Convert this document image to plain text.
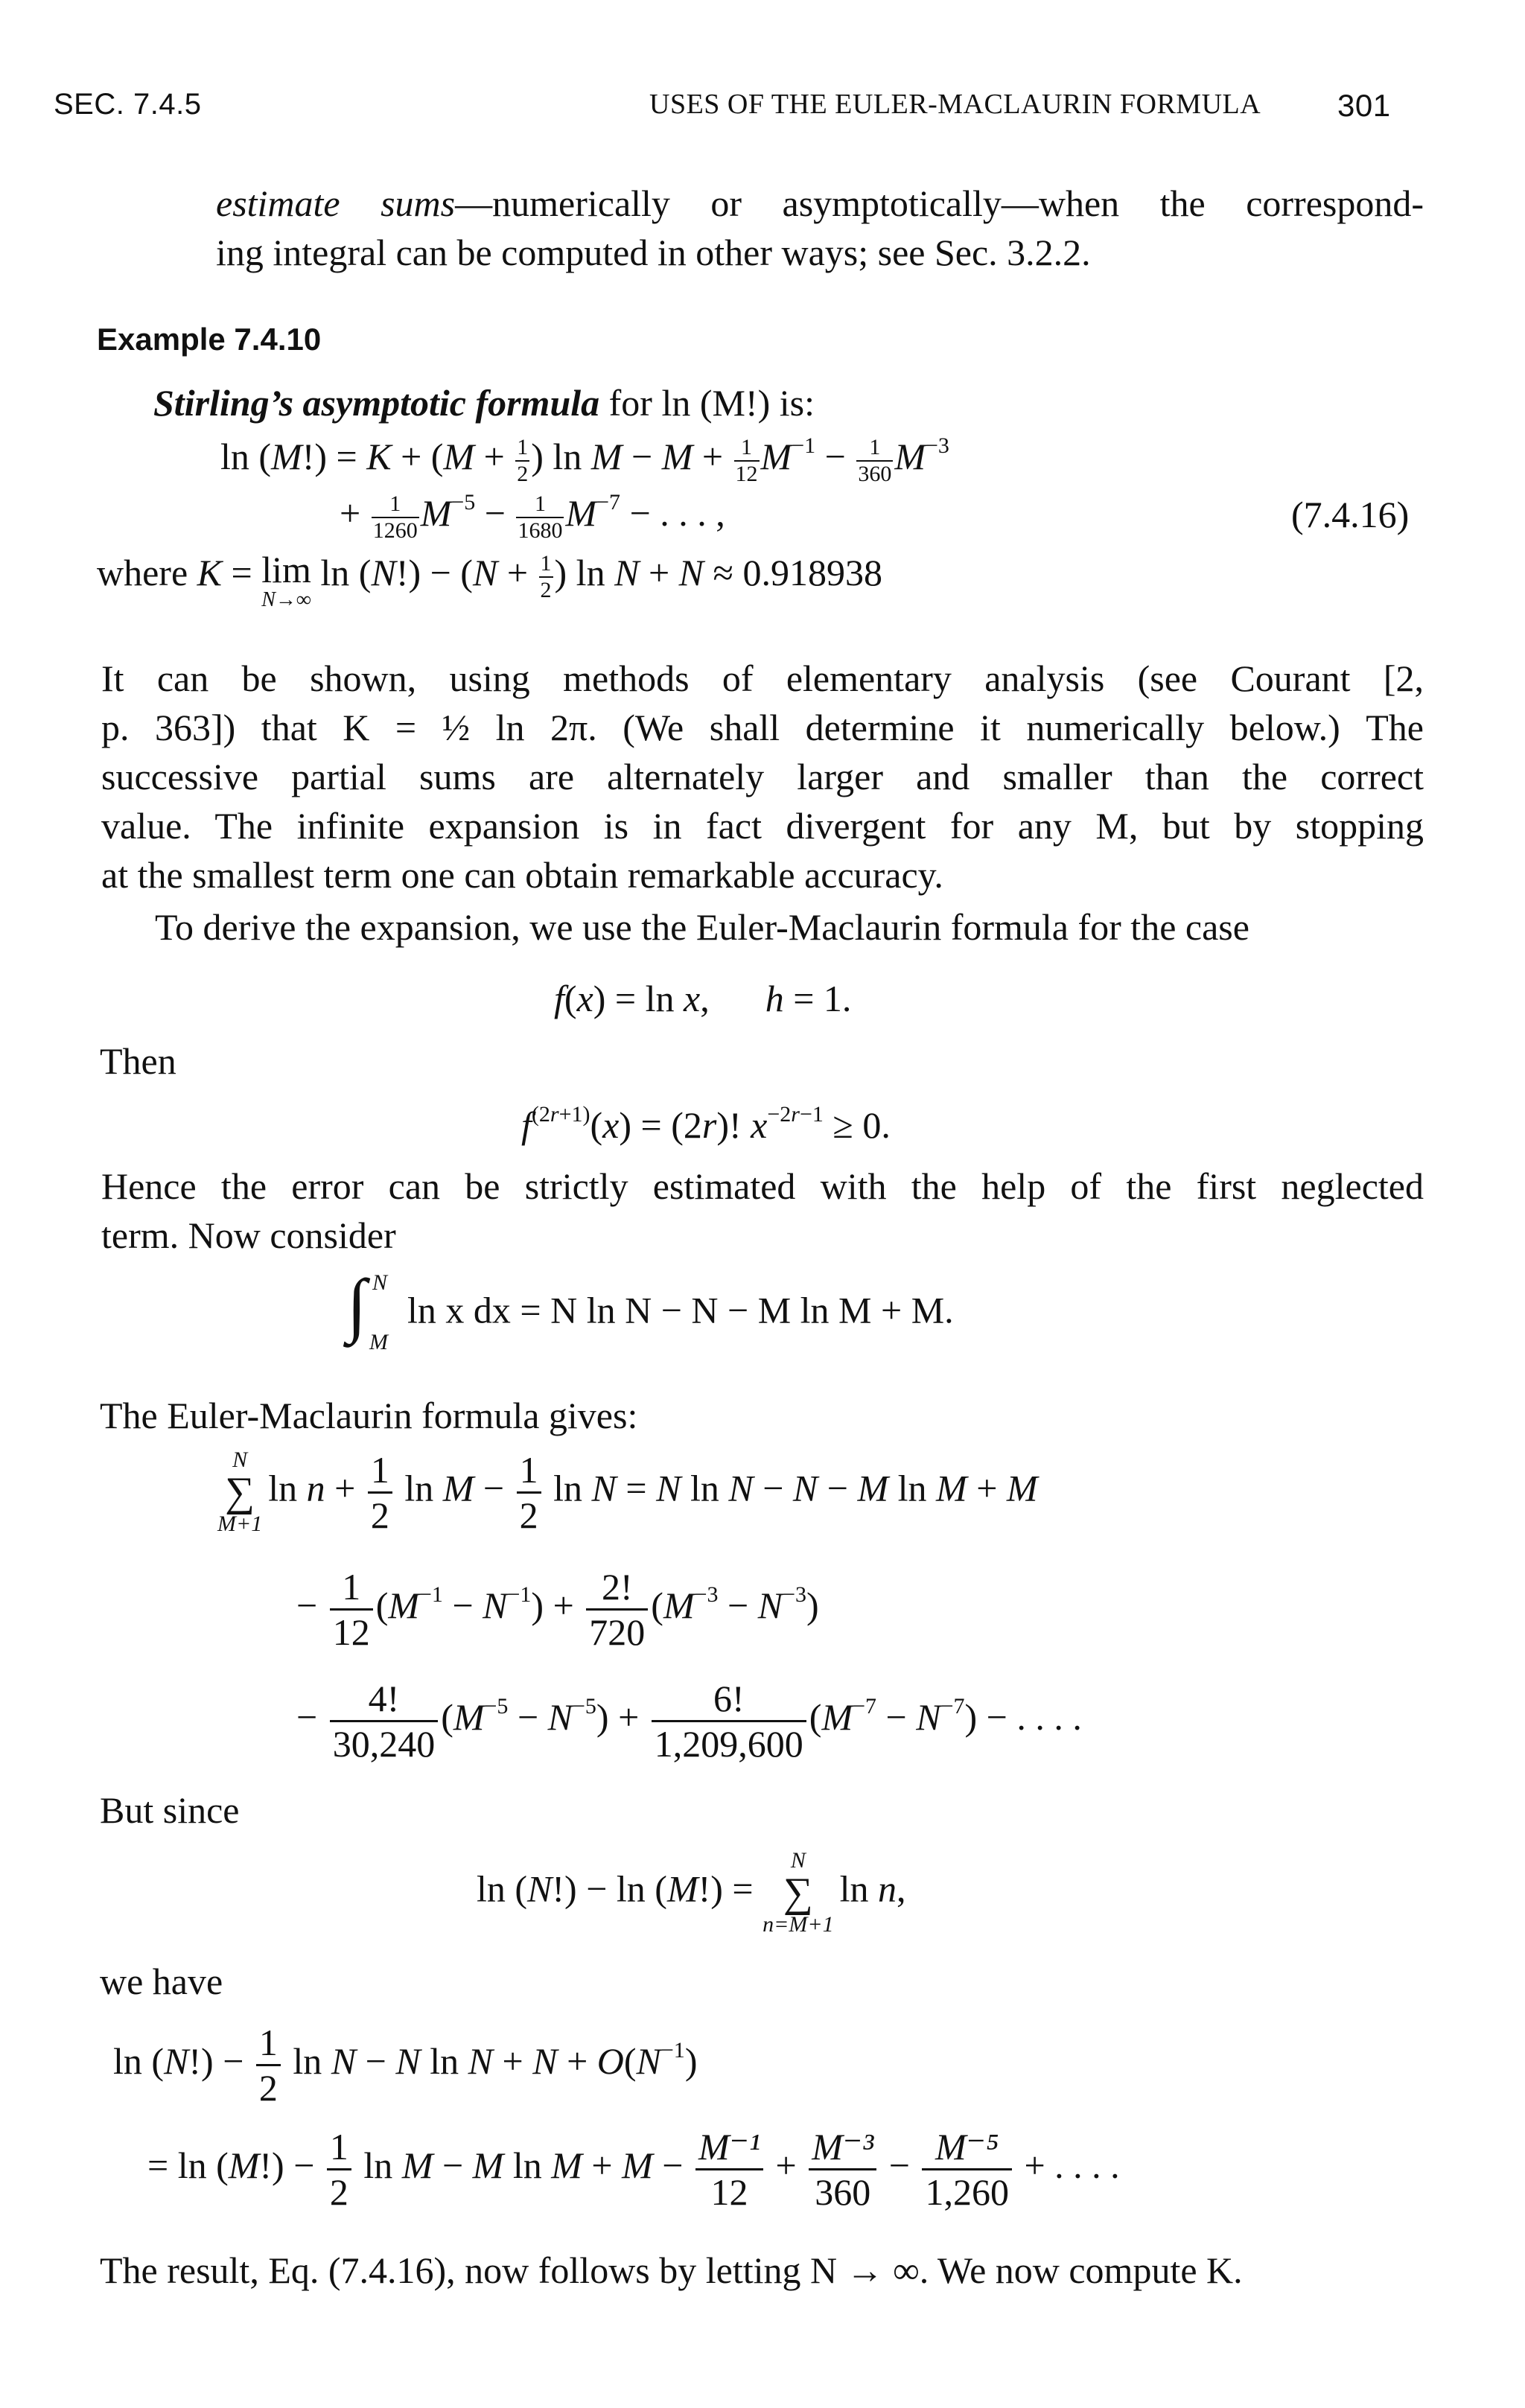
SEC. 7.4.5	USES OF THE EULER-MACLAURIN FORMULA 301
estimate sums—numerically or asymptotically—when the correspond-
ing integral can be computed in other ways; see Sec. 3.2.2.
Example 7.4.10
Stirling’s asymptotic formula for ln (M!) is:
$\ln (M!) = K + (M + \frac{1}{2}$ ) $\ln M - M + \frac{1}{12} M^{-1} - \frac{1}{360} M^{-3}$
+ $\frac{1}{1260} M^{-5} - \frac{1}{1680} M^{-7}$ − . . . ,	(7.4.16)
where K = lim
N→∞
$\ln (N!) - (N + \frac{1}{2}$ ) ln N + N ≈ 0.918938
It can be shown, using methods of elementary analysis (see Courant [2,
p. 363]) that K = ½ ln 2π. (We shall determine it numerically below.) The
successive partial sums are alternately larger and smaller than the correct
value. The infinite expansion is in fact divergent for any M, but by stopping
at the smallest term one can obtain remarkable accuracy.
To derive the expansion, we use the Euler-Maclaurin formula for the case
f(x) = ln x,      h = 1.
Then
$f^{(2r+1)}(x) = (2r)$! $x^{-2r-1} \ge 0$.
Hence the error can be strictly estimated with the help of the first neglected
term. Now consider
∫ N
M
ln x dx = N ln N − N − M ln M + M.
The Euler-Maclaurin formula gives:
N
∑
M+1
$\ln n + \frac{1}{2}$ $\ln M - \frac{1}{2}$ ln N = N ln N − N − M ln M + M
− $\frac{1}{12} (M^{-1} - N^{-1}) + \frac{2!}{720} (M^{-3} - N^{-3})$
− $\frac{4!}{30,240} (M^{-5} - N^{-5}) + \frac{6!}{1,209,600} (M^{-7} - N^{-7})$ − . . . .
But since
ln (N!) − ln (M!) =
N
∑
n=M+1
ln n,
we have
$\ln (N!) - \frac{1}{2}$ ln N − N $\ln N + N + O(N^{-1})$
= $\ln (M!) - \frac{1}{2}$ ln M − M $\ln M + M - \frac{\text{M⁻¹}}{12} + \frac{\text{M⁻³}}{360} - \frac{\text{M⁻⁵}}{1,260}$ + . . . .
The result, Eq. (7.4.16), now follows by letting N → ∞. We now compute K.
